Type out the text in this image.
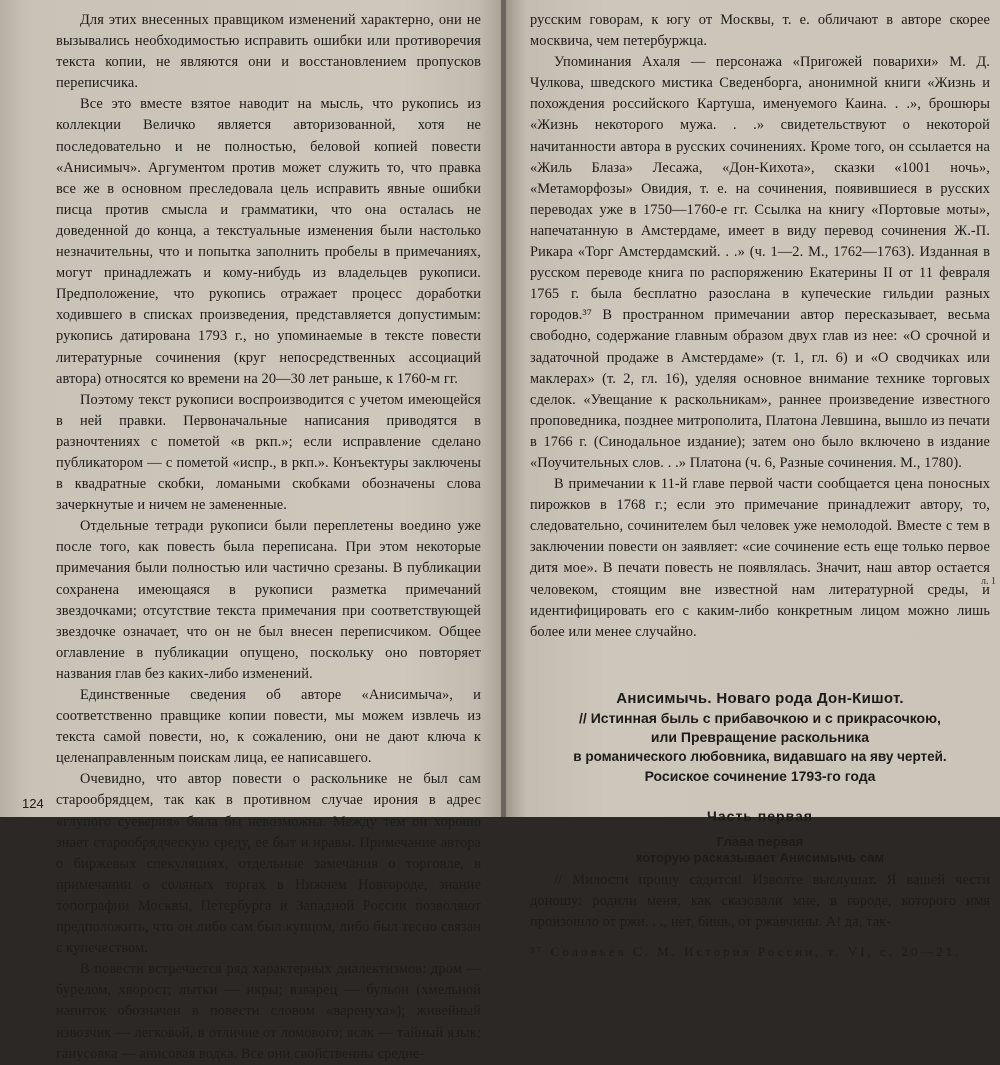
Для этих внесенных правщиком изменений характерно, они не вызывались необходимостью исправить ошибки или противоречия текста копии, не являются они и восстановлением пропусков переписчика.

Все это вместе взятое наводит на мысль, что рукопись из коллекции Величко является авторизованной, хотя не последовательно и не полностью, беловой копией повести «Анисимыч». Аргументом против может служить то, что правка все же в основном преследовала цель исправить явные ошибки писца против смысла и грамматики, что она осталась не доведенной до конца, а текстуальные изменения были настолько незначительны, что и попытка заполнить пробелы в примечаниях, могут принадлежать и кому-нибудь из владельцев рукописи. Предположение, что рукопись отражает процесс доработки ходившего в списках произведения, представляется допустимым: рукопись датирована 1793 г., но упоминаемые в тексте повести литературные сочинения (круг непосредственных ассоциаций автора) относятся ко времени на 20—30 лет раньше, к 1760-м гг.

Поэтому текст рукописи воспроизводится с учетом имеющейся в ней правки. Первоначальные написания приводятся в разночтениях с пометой «в ркп.»; если исправление сделано публикатором — с пометой «испр., в ркп.». Конъектуры заключены в квадратные скобки, ломаными скобками обозначены слова зачеркнутые и ничем не замененные.

Отдельные тетради рукописи были переплетены воедино уже после того, как повесть была переписана. При этом некоторые примечания были полностью или частично срезаны. В публикации сохранена имеющаяся в рукописи разметка примечаний звездочками; отсутствие текста примечания при соответствующей звездочке означает, что он не был внесен переписчиком. Общее оглавление в публикации опущено, поскольку оно повторяет названия глав без каких-либо изменений.

Единственные сведения об авторе «Анисимыча», и соответственно правщике копии повести, мы можем извлечь из текста самой повести, но, к сожалению, они не дают ключа к целенаправленным поискам лица, ее написавшего.

Очевидно, что автор повести о раскольнике не был сам старообрядцем, так как в противном случае ирония в адрес «глупого суеверия» была бы невозможна. Между тем он хорошо знает старообрядческую среду, ее быт и нравы. Примечание автора о биржевых спекуляциях, отдельные замечания о торговле, в примечании о соляных торгах в Нижнем Новгороде, знание топографии Москвы, Петербурга и Западной России позволяют предположить, что он либо сам был купцом, либо был тесно связан с купечеством.

В повести встречается ряд характерных диалектизмов: дром — бурелом, хворост; лытки — икры; взварец — бульон (хмельной напиток обозначен в повести словом «варенуха»); живейный извозчик — легковой, в отличие от ломового; ясак — тайный язык; ганусовка — анисовая водка. Все они свойственны средне-

124

русским говорам, к югу от Москвы, т. е. обличают в авторе скорее москвича, чем петербуржца.

Упоминания Ахаля — персонажа «Пригожей поварихи» М. Д. Чулкова, шведского мистика Сведенборга, анонимной книги «Жизнь и похождения российского Картуша, именуемого Каина. . .», брошюры «Жизнь некоторого мужа. . .» свидетельствуют о некоторой начитанности автора в русских сочинениях. Кроме того, он ссылается на «Жиль Блаза» Лесажа, «Дон-Кихота», сказки «1001 ночь», «Метаморфозы» Овидия, т. е. на сочинения, появившиеся в русских переводах уже в 1750—1760-е гг. Ссылка на книгу «Портовые моты», напечатанную в Амстердаме, имеет в виду перевод сочинения Ж.-П. Рикара «Торг Амстердамский. . .» (ч. 1—2. М., 1762—1763). Изданная в русском переводе книга по распоряжению Екатерины II от 11 февраля 1765 г. была бесплатно разослана в купеческие гильдии разных городов.³⁷ В пространном примечании автор пересказывает, весьма свободно, содержание главным образом двух глав из нее: «О срочной и задаточной продаже в Амстердаме» (т. 1, гл. 6) и «О сводчиках или маклерах» (т. 2, гл. 16), уделяя основное внимание технике торговых сделок. «Увещание к раскольникам», раннее произведение известного проповедника, позднее митрополита, Платона Левшина, вышло из печати в 1766 г. (Синодальное издание); затем оно было включено в издание «Поучительных слов. . .» Платона (ч. 6, Разные сочинения. М., 1780).

В примечании к 11-й главе первой части сообщается цена поносных пирожков в 1768 г.; если это примечание принадлежит автору, то, следовательно, сочинителем был человек уже немолодой. Вместе с тем в заключении повести он заявляет: «сие сочинение есть еще только первое дитя мое». В печати повесть не появлялась. Значит, наш автор остается человеком, стоящим вне известной нам литературной среды, и идентифицировать его с каким-либо конкретным лицом можно лишь более или менее случайно.

Анисимычь. Новаго рода Дон-Кишот.
// Истинная быль с прибавочкою и с прикрасочкою,
или Превращение раскольника
в романического любовника, видавшаго на яву чертей.
Росиское сочинение 1793-го года
Часть первая
Глава первая
которую расказывает Анисимычь сам

// Милости прошу садится! Изволте выслушат. Я вашей чести доношу: родили меня, как сказовали мне, в городе, которого имя произошло от ржи. . ., нет, бишь, от ржавчины. А! да, так-

³⁷ Соловьев С. М. История России, т. VI, с. 20—21.
л. 1
